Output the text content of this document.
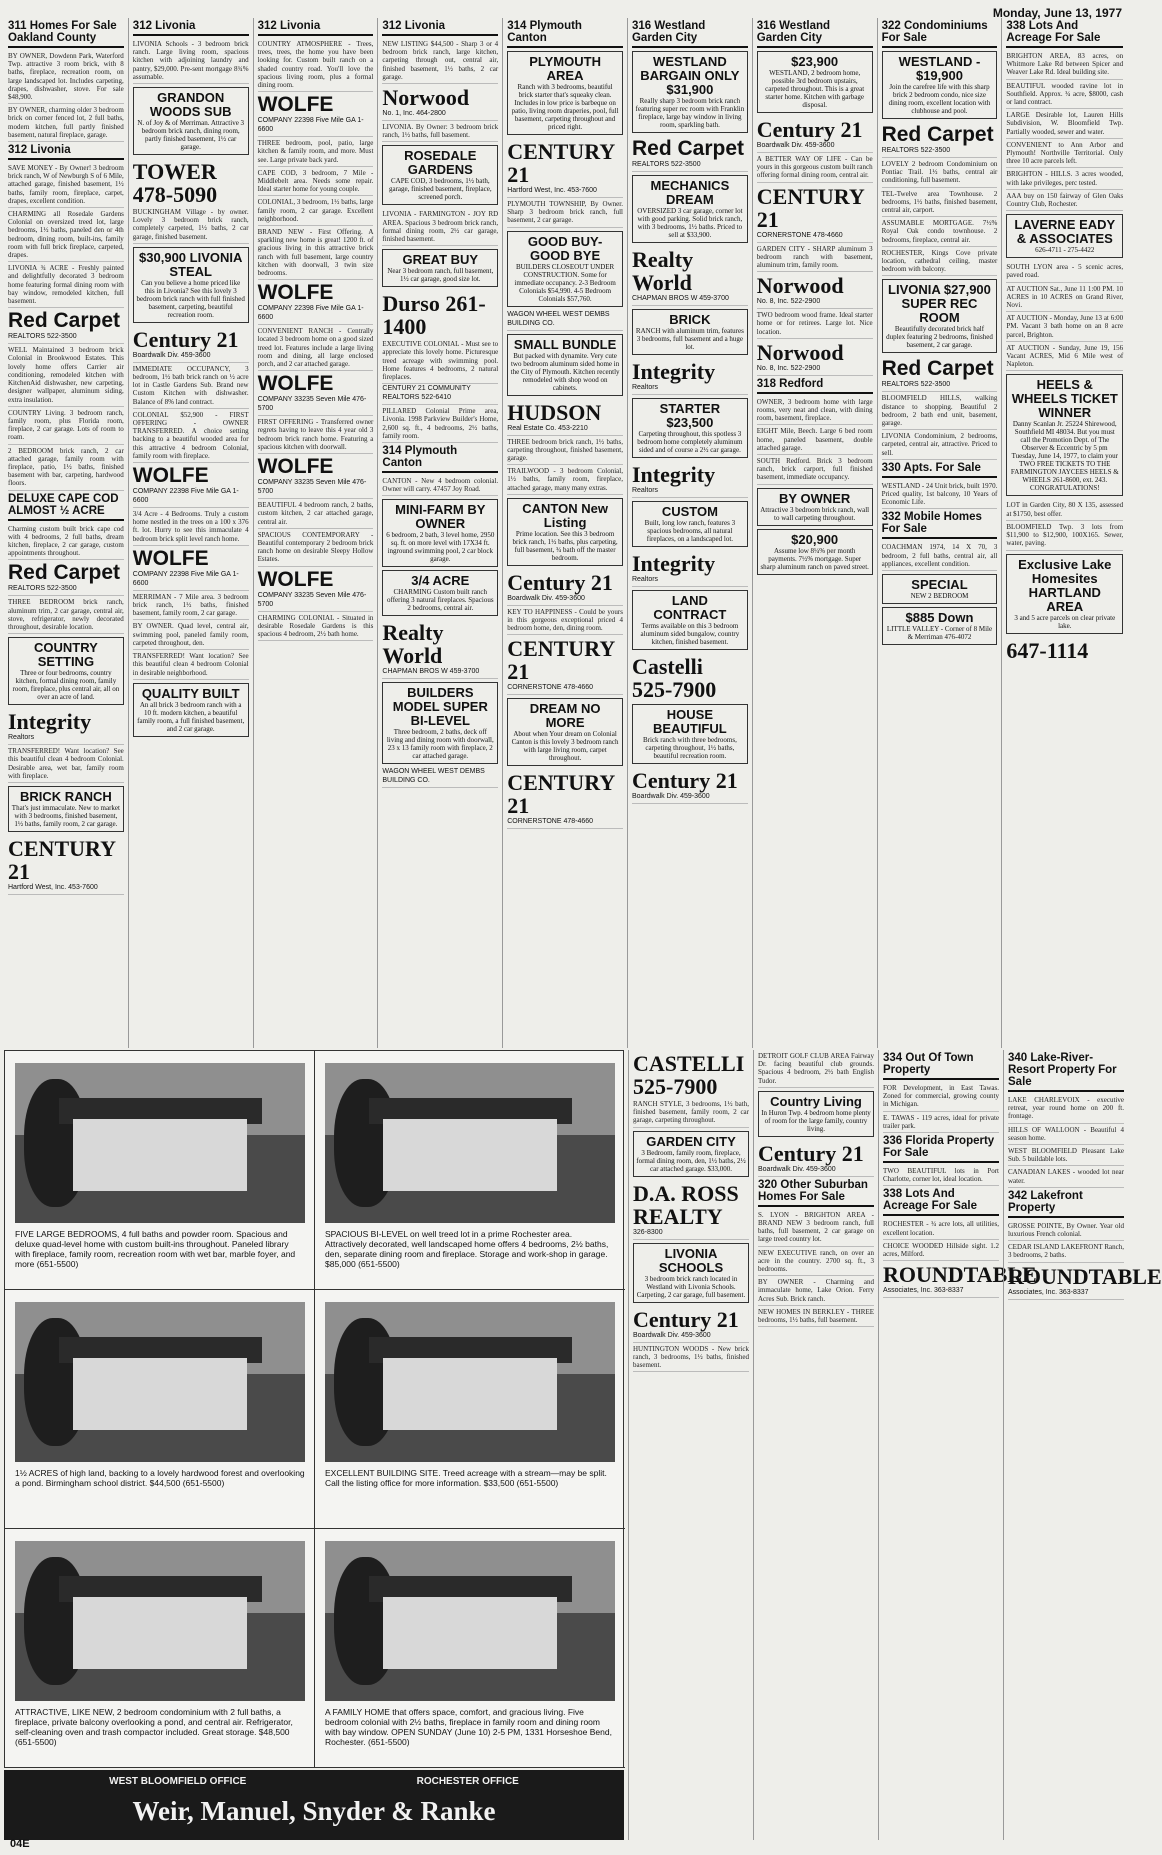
Monday, June 13, 1977
311 Homes For Sale Oakland County
BY OWNER, Dowdenn Park, Waterford Twp. attractive 3 room brick, with 8 baths, fireplace, recreation room, on large landscaped lot. Includes carpeting, drapes, dishwasher, stove. For sale $48,900.
BY OWNER, charming older 3 bedroom brick on corner fenced lot, 2 full baths, modern kitchen, full partly finished basement, natural fireplace, garage.
312 Livonia
SAVE MONEY - By Owner! 3 bedroom brick ranch, W of Newburgh S of 6 Mile, attached garage, finished basement, 1½ baths, family room, fireplace, carpet, drapes, excellent condition.
CHARMING all Rosedale Gardens Colonial on oversized treed lot, large bedrooms, 1½ baths, paneled den or 4th bedroom, dining room, built-ins, family room with full brick fireplace, carpeted, drapes.
LIVONIA ¾ ACRE - Freshly painted and delightfully decorated 3 bedroom home featuring formal dining room with bay window, remodeled kitchen, full basement.
Red Carpet
REALTORS 522-3500
WELL Maintained 3 bedroom brick Colonial in Brookwood Estates. This lovely home offers Carrier air conditioning, remodeled kitchen with KitchenAid dishwasher, new carpeting, designer wallpaper, aluminum siding, extra insulation.
COUNTRY Living. 3 bedroom ranch, family room, plus Florida room, fireplace, 2 car garage. Lots of room to roam.
2 BEDROOM brick ranch, 2 car attached garage, family room with fireplace, patio, 1½ baths, finished basement with bar, carpeting, hardwood floors.
DELUXE CAPE COD ALMOST ½ ACRE
Charming custom built brick cape cod with 4 bedrooms, 2 full baths, dream kitchen, fireplace, 2 car garage, custom appointments throughout.
Red Carpet
REALTORS 522-3500
THREE BEDROOM brick ranch, aluminum trim, 2 car garage, central air, stove, refrigerator, newly decorated throughout, desirable location.
COUNTRY SETTING
Three or four bedrooms, country kitchen, formal dining room, family room, fireplace, plus central air, all on over an acre of land.
Integrity
Realtors
TRANSFERRED! Want location? See this beautiful clean 4 bedroom Colonial. Desirable area, wet bar, family room with fireplace.
BRICK RANCH
That's just immaculate. New to market with 3 bedrooms, finished basement, 1½ baths, family room, 2 car garage.
CENTURY 21
Hartford West, Inc. 453-7600
312 Livonia
LIVONIA Schools - 3 bedroom brick ranch. Large living room, spacious kitchen with adjoining laundry and pantry, $29,000. Pre-sent mortgage 8¾% assumable.
GRANDON WOODS SUB
N. of Joy & of Merriman. Attractive 3 bedroom brick ranch, dining room, partly finished basement, 1½ car garage.
TOWER 478-5090
BUCKINGHAM Village - by owner. Lovely 3 bedroom brick ranch, completely carpeted, 1½ baths, 2 car garage, finished basement.
$30,900 LIVONIA STEAL
Can you believe a home priced like this in Livonia? See this lovely 3 bedroom brick ranch with full finished basement, carpeting, beautiful recreation room.
Century 21
Boardwalk Div. 459-3600
IMMEDIATE OCCUPANCY, 3 bedroom, 1½ bath brick ranch on ½ acre lot in Castle Gardens Sub. Brand new Custom Kitchen with dishwasher. Balance of 8% land contract.
COLONIAL $52,900 - FIRST OFFERING - OWNER TRANSFERRED. A choice setting backing to a beautiful wooded area for this attractive 4 bedroom Colonial, family room with fireplace.
WOLFE
COMPANY 22398 Five Mile GA 1-6600
3/4 Acre - 4 Bedrooms. Truly a custom home nestled in the trees on a 100 x 376 ft. lot. Hurry to see this immaculate 4 bedroom brick split level ranch home.
WOLFE
COMPANY 22398 Five Mile GA 1-6600
MERRIMAN - 7 Mile area. 3 bedroom brick ranch, 1½ baths, finished basement, family room, 2 car garage.
BY OWNER. Quad level, central air, swimming pool, paneled family room, carpeted throughout, den.
TRANSFERRED! Want location? See this beautiful clean 4 bedroom Colonial in desirable neighborhood.
QUALITY BUILT
An all brick 3 bedroom ranch with a 10 ft. modern kitchen, a beautiful family room, a full finished basement, and 2 car garage.
312 Livonia
COUNTRY ATMOSPHERE - Trees, trees, trees, the home you have been looking for. Custom built ranch on a shaded country road. You'll love the spacious living room, plus a formal dining room.
WOLFE
COMPANY 22398 Five Mile GA 1-6600
THREE bedroom, pool, patio, large kitchen & family room, and more. Must see. Large private back yard.
CAPE COD, 3 bedroom, 7 Mile - Middlebelt area. Needs some repair. Ideal starter home for young couple.
COLONIAL, 3 bedroom, 1½ baths, large family room, 2 car garage. Excellent neighborhood.
BRAND NEW - First Offering. A sparkling new home is great! 1200 ft. of gracious living in this attractive brick ranch with full basement, large country kitchen with doorwall, 3 twin size bedrooms.
WOLFE
COMPANY 22398 Five Mile GA 1-6600
CONVENIENT RANCH - Centrally located 3 bedroom home on a good sized treed lot. Features include a large living room and dining, all large enclosed porch, and 2 car attached garage.
WOLFE
COMPANY 33235 Seven Mile 476-5700
FIRST OFFERING - Transferred owner regrets having to leave this 4 year old 3 bedroom brick ranch home. Featuring a spacious kitchen with doorwall.
WOLFE
COMPANY 33235 Seven Mile 476-5700
BEAUTIFUL 4 bedroom ranch, 2 baths, custom kitchen, 2 car attached garage, central air.
SPACIOUS CONTEMPORARY - Beautiful contemporary 2 bedroom brick ranch home on desirable Sleepy Hollow Estates.
WOLFE
COMPANY 33235 Seven Mile 476-5700
CHARMING COLONIAL - Situated in desirable Rosedale Gardens is this spacious 4 bedroom, 2½ bath home.
312 Livonia
NEW LISTING $44,500 - Sharp 3 or 4 bedroom brick ranch, large kitchen, carpeting through out, central air, finished basement, 1½ baths, 2 car garage.
Norwood
No. 1, Inc. 464-2800
LIVONIA. By Owner: 3 bedroom brick ranch, 1½ baths, full basement.
ROSEDALE GARDENS
CAPE COD, 3 bedrooms, 1½ bath, garage, finished basement, fireplace, screened porch.
LIVONIA - FARMINGTON - JOY RD AREA. Spacious 3 bedroom brick ranch, formal dining room, 2½ car garage, finished basement.
GREAT BUY
Near 3 bedroom ranch, full basement, 1½ car garage, good size lot.
Durso 261-1400
EXECUTIVE COLONIAL - Must see to appreciate this lovely home. Picturesque treed acreage with swimming pool. Home features 4 bedrooms, 2 natural fireplaces.
CENTURY 21 COMMUNITY REALTORS 522-6410
PILLARED Colonial Prime area, Livonia. 1998 Parkview Builder's Home, 2,600 sq. ft., 4 bedrooms, 2½ baths, family room.
314 Plymouth Canton
CANTON - New 4 bedroom colonial. Owner will carry. 47457 Joy Road.
MINI-FARM BY OWNER
6 bedroom, 2 bath, 3 level home, 2950 sq. ft. on more level with 17X34 ft. inground swimming pool, 2 car block garage.
3/4 ACRE
CHARMING Custom built ranch offering 3 natural fireplaces. Spacious 2 bedrooms, central air.
Realty World
CHAPMAN BROS W 459-3700
BUILDERS MODEL SUPER BI-LEVEL
Three bedroom, 2 baths, deck off living and dining room with doorwall, 23 x 13 family room with fireplace, 2 car attached garage.
WAGON WHEEL WEST DEMBS BUILDING CO.
314 Plymouth Canton
PLYMOUTH AREA
Ranch with 3 bedrooms, beautiful brick starter that's squeaky clean. Includes in low price is barbeque on patio, living room draperies, pool, full basement, carpeting throughout and priced right.
CENTURY 21
Hartford West, Inc. 453-7600
PLYMOUTH TOWNSHIP, By Owner. Sharp 3 bedroom brick ranch, full basement, 2 car garage.
GOOD BUY-GOOD BYE
BUILDERS CLOSEOUT UNDER CONSTRUCTION. Some for immediate occupancy. 2-3 Bedroom Colonials $54,990. 4-5 Bedroom Colonials $57,760.
WAGON WHEEL WEST DEMBS BUILDING CO.
SMALL BUNDLE
But packed with dynamite. Very cute two bedroom aluminum sided home in the City of Plymouth. Kitchen recently remodeled with shop wood on cabinets.
HUDSON
Real Estate Co. 453-2210
THREE bedroom brick ranch, 1½ baths, carpeting throughout, finished basement, garage.
TRAILWOOD - 3 bedroom Colonial, 1½ baths, family room, fireplace, attached garage, many many extras.
CANTON New Listing
Prime location. See this 3 bedroom brick ranch, 1½ baths, plus carpeting, full basement, ¾ bath off the master bedroom.
Century 21
Boardwalk Div. 459-3600
KEY TO HAPPINESS - Could be yours in this gorgeous exceptional priced 4 bedroom home, den, dining room.
CENTURY 21
CORNERSTONE 478-4660
DREAM NO MORE
About when Your dream on Colonial Canton is this lovely 3 bedroom ranch with large living room, carpet throughout.
CENTURY 21
CORNERSTONE 478-4660
316 Westland Garden City
WESTLAND BARGAIN ONLY $31,900
Really sharp 3 bedroom brick ranch featuring super rec room with Franklin fireplace, large bay window in living room, sparkling bath.
Red Carpet
REALTORS 522-3500
MECHANICS DREAM
OVERSIZED 3 car garage, corner lot with good parking. Solid brick ranch, with 3 bedrooms, 1½ baths. Priced to sell at $33,900.
Realty World
CHAPMAN BROS W 459-3700
BRICK
RANCH with aluminum trim, features 3 bedrooms, full basement and a huge lot.
Integrity
Realtors
STARTER $23,500
Carpeting throughout, this spotless 3 bedroom home completely aluminum sided and of course a 2½ car garage.
Integrity
Realtors
CUSTOM
Built, long low ranch, features 3 spacious bedrooms, all natural fireplaces, on a landscaped lot.
Integrity
Realtors
LAND CONTRACT
Terms available on this 3 bedroom aluminum sided bungalow, country kitchen, finished basement.
Castelli 525-7900
HOUSE BEAUTIFUL
Brick ranch with three bedrooms, carpeting throughout, 1½ baths, beautiful recreation room.
Century 21
Boardwalk Div. 459-3600
316 Westland Garden City
$23,900
WESTLAND, 2 bedroom home, possible 3rd bedroom upstairs, carpeted throughout. This is a great starter home. Kitchen with garbage disposal.
Century 21
Boardwalk Div. 459-3600
A BETTER WAY OF LIFE - Can be yours in this gorgeous custom built ranch offering formal dining room, central air.
CENTURY 21
CORNERSTONE 478-4660
GARDEN CITY - SHARP aluminum 3 bedroom ranch with basement, aluminum trim, family room.
Norwood
No. 8, Inc. 522-2900
TWO bedroom wood frame. Ideal starter home or for retirees. Large lot. Nice location.
Norwood
No. 8, Inc. 522-2900
318 Redford
OWNER, 3 bedroom home with large rooms, very neat and clean, with dining room, basement, fireplace.
EIGHT Mile, Beech. Large 6 bed room home, paneled basement, double attached garage.
SOUTH Redford. Brick 3 bedroom ranch, brick carport, full finished basement, immediate occupancy.
BY OWNER
Attractive 3 bedroom brick ranch, wall to wall carpeting throughout.
$20,900
Assume low 8¼% per month payments. 7½% mortgage. Super sharp aluminum ranch on paved street.
322 Condominiums For Sale
WESTLAND - $19,900
Join the carefree life with this sharp brick 2 bedroom condo, nice size dining room, excellent location with clubhouse and pool.
Red Carpet
REALTORS 522-3500
LOVELY 2 bedroom Condominium on Pontiac Trail. 1½ baths, central air conditioning, full basement.
TEL-Twelve area Townhouse. 2 bedrooms, 1½ baths, finished basement, central air, carport.
ASSUMABLE MORTGAGE. 7½% Royal Oak condo townhouse. 2 bedrooms, fireplace, central air.
ROCHESTER, Kings Cove private location, cathedral ceiling, master bedroom with balcony.
LIVONIA $27,900 SUPER REC ROOM
Beautifully decorated brick half duplex featuring 2 bedrooms, finished basement, 2 car garage.
Red Carpet
REALTORS 522-3500
BLOOMFIELD HILLS, walking distance to shopping. Beautiful 2 bedroom, 2 bath end unit, basement, garage.
LIVONIA Condominium, 2 bedrooms, carpeted, central air, attractive. Priced to sell.
330 Apts. For Sale
WESTLAND - 24 Unit brick, built 1970. Priced quality, 1st balcony, 10 Years of Economic Life.
332 Mobile Homes For Sale
COACHMAN 1974, 14 X 70, 3 bedroom, 2 full baths, central air, all appliances, excellent condition.
SPECIAL
NEW 2 BEDROOM
$885 Down
LITTLE VALLEY - Corner of 8 Mile & Merriman 476-4072
338 Lots And Acreage For Sale
BRIGHTON AREA, 83 acres, on Whitmore Lake Rd between Spicer and Weaver Lake Rd. Ideal building site.
BEAUTIFUL wooded ravine lot in Southfield. Approx. ¾ acre, $8000, cash or land contract.
LARGE Desirable lot, Lauren Hills Subdivision, W. Bloomfield Twp. Partially wooded, sewer and water.
CONVENIENT to Ann Arbor and Plymouth! Northville Territorial. Only three 10 acre parcels left.
BRIGHTON - HILLS. 3 acres wooded, with lake privileges, perc tested.
AAA buy on 150 fairway of Glen Oaks Country Club, Rochester.
LAVERNE EADY & ASSOCIATES
626-4711 - 275-4422
SOUTH LYON area - 5 scenic acres, paved road.
AT AUCTION Sat., June 11 1:00 PM. 10 ACRES in 10 ACRES on Grand River, Novi.
AT AUCTION - Monday, June 13 at 6:00 PM. Vacant 3 bath home on an 8 acre parcel, Brighton.
AT AUCTION - Sunday, June 19, 156 Vacant ACRES, Mid 6 Mile west of Napleton.
HEELS & WHEELS TICKET WINNER
Danny Scanlan Jr. 25224 Shirewood, Southfield MI 48034. But you must call the Promotion Dept. of The Observer & Eccentric by 5 pm Tuesday, June 14, 1977, to claim your TWO FREE TICKETS TO THE FARMINGTON JAYCEES HEELS & WHEELS 261-8600, ext. 243. CONGRATULATIONS!
LOT in Garden City, 80 X 135, assessed at $1750, best offer.
BLOOMFIELD Twp. 3 lots from $11,900 to $12,900, 100X165. Sewer, water, paving.
Exclusive Lake Homesites HARTLAND AREA
3 and 5 acre parcels on clear private lake.
647-1114
FIVE LARGE BEDROOMS, 4 full baths and powder room. Spacious and deluxe quad-level home with custom built-ins throughout. Paneled library with fireplace, family room, recreation room with wet bar, marble foyer, and more (651-5500)
SPACIOUS BI-LEVEL on well treed lot in a prime Rochester area. Attractively decorated, well landscaped home offers 4 bedrooms, 2½ baths, den, separate dining room and fireplace. Storage and work-shop in garage. $85,000 (651-5500)
1½ ACRES of high land, backing to a lovely hardwood forest and overlooking a pond. Birmingham school district. $44,500 (651-5500)
EXCELLENT BUILDING SITE. Treed acreage with a stream—may be split. Call the listing office for more information. $33,500 (651-5500)
ATTRACTIVE, LIKE NEW, 2 bedroom condominium with 2 full baths, a fireplace, private balcony overlooking a pond, and central air. Refrigerator, self-cleaning oven and trash compactor included. Great storage. $48,500 (651-5500)
A FAMILY HOME that offers space, comfort, and gracious living. Five bedroom colonial with 2½ baths, fireplace in family room and dining room with bay window. OPEN SUNDAY (June 10) 2-5 PM, 1331 Horseshoe Bend, Rochester. (651-5500)
WEST BLOOMFIELD OFFICE	ROCHESTER OFFICE
Weir, Manuel, Snyder & Ranke
CASTELLI 525-7900
RANCH STYLE, 3 bedrooms, 1½ bath, finished basement, family room, 2 car garage, carpeting throughout.
GARDEN CITY
3 Bedroom, family room, fireplace, formal dining room, den, 1½ baths, 2½ car attached garage. $33,000.
D.A. ROSS REALTY
326-8300
LIVONIA SCHOOLS
3 bedroom brick ranch located in Westland with Livonia Schools. Carpeting, 2 car garage, full basement.
Century 21
Boardwalk Div. 459-3600
HUNTINGTON WOODS - New brick ranch, 3 bedrooms, 1½ baths, finished basement.
DETROIT GOLF CLUB AREA Fairway Dr. facing beautiful club grounds. Spacious 4 bedroom, 2½ bath English Tudor.
Country Living
In Huron Twp. 4 bedroom home plenty of room for the large family, country living.
Century 21
Boardwalk Div. 459-3600
320 Other Suburban Homes For Sale
S. LYON - BRIGHTON AREA - BRAND NEW 3 bedroom ranch, full baths, full basement, 2 car garage on large treed country lot.
NEW EXECUTIVE ranch, on over an acre in the country. 2700 sq. ft., 3 bedrooms.
BY OWNER - Charming and immaculate home, Lake Orion. Ferry Acres Sub. Brick ranch.
NEW HOMES IN BERKLEY - THREE bedrooms, 1½ baths, full basement.
334 Out Of Town Property
FOR Development, in East Tawas. Zoned for commercial, growing county in Michigan.
E. TAWAS - 119 acres, ideal for private trailer park.
336 Florida Property For Sale
TWO BEAUTIFUL lots in Port Charlotte, corner lot, ideal location.
338 Lots And Acreage For Sale
ROCHESTER - ¾ acre lots, all utilities, excellent location.
CHOICE WOODED Hillside sight. 1.2 acres, Milford.
ROUNDTABLE
Associates, Inc. 363-8337
340 Lake-River-Resort Property For Sale
LAKE CHARLEVOIX - executive retreat, year round home on 200 ft. frontage.
HILLS OF WALLOON - Beautiful 4 season home.
WEST BLOOMFIELD Pleasant Lake Sub. 5 buildable lots.
CANADIAN LAKES - wooded lot near water.
342 Lakefront Property
GROSSE POINTE, By Owner. Year old luxurious French colonial.
CEDAR ISLAND LAKEFRONT Ranch, 3 bedrooms, 2 baths.
ROUNDTABLE
Associates, Inc. 363-8337
04E
